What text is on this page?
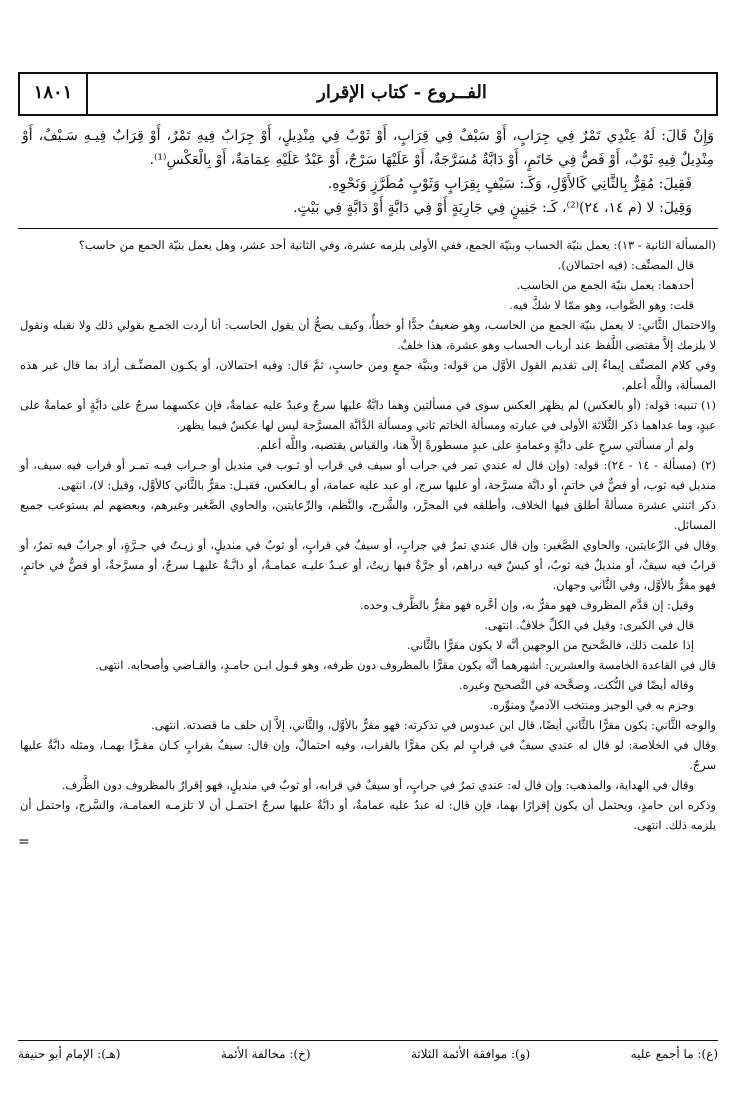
الفــروع - كتاب الإقرار
١٨٠١

وَإِنْ قَالَ: لَهُ عِنْدِي تَمْرٌ فِي جِرَابٍ، أَوْ سَيْفٌ فِي قِرَابٍ، أَوْ ثَوْبٌ فِي مِنْدِيلٍ، أَوْ جِرَابٌ فِيهِ تَمْرٌ، أَوْ قِرَابٌ فِيـهِ سَـيْفٌ، أَوْ مِنْدِيلٌ فِيهِ ثَوْبٌ، أَوْ فَصٌّ فِي خَاتَمٍ، أَوْ دَابَّةٌ مُسَرَّجَةٌ، أَوْ عَلَيْهَا سَرْجٌ، أَوْ عَبْدٌ عَلَيْهِ عِمَامَةٌ، أَوْ بِالْعَكْسِ⁽¹⁾.

فَقِيلَ: مُقِرٌّ بِالثَّانِي كَالأَوَّلِ، وَكَـ: سَيْفٍ بِقِرَابٍ وَثَوْبٍ مُطَرَّزٍ وَنَحْوِهِ.

وَقِيلَ: لا (م ١٤، ٢٤)⁽²⁾، كَـ: جَنِينٍ فِي جَارِيَةٍ أَوْ فِي دَابَّةٍ أَوْ دَابَّةٍ فِي بَيْتٍ.

(المسألة الثانية - ١٣): يعمل بنيّة الحساب وبنيّة الجمع، ففي الأولى يلزمه عشرة، وفي الثانية أحد عشر، وهل يعمل بنيّة الجمع من حاسب؟

قال المصنِّف: (فيه احتمالان).

أحدهما: يعمل بنيّة الجمع من الحاسب.

قلت: وهو الصَّواب، وهو ممّا لا شكَّ فيه.

والاحتمال الثَّاني: لا يعمل بنيّة الجمع من الحاسب، وهو ضعيفٌ جدًّا أو خطأٌ، وكيف يصحُّ أن يقول الحاسب: أنا أردت الجمـع بقولي ذلك ولا نقبله ونقول لا يلزمك إلاَّ مقتضى اللَّفظ عند أرباب الحساب وهو عشرة، هذا خلفٌ.

وفي كلام المصنِّف إيماءٌ إلى تقديم القول الأوَّل من قوله: وبنيَّة جمعٍ ومن حاسبٍ، ثمَّ قال: وفيه احتمالان، أو يكـون المصنِّـف أراد بما قال غير هذه المسألة، واللَّه أعلم.

(١) تنبيه: قوله: (أو بالعكس) لم يظهر العكس سوى في مسألتين وهما دابَّةٌ عليها سرجٌ وعبدٌ عليه عمامةٌ، فإن عكسهما سرجٌ على دابَّةٍ أو عمامةٌ على عبدٍ، وما عداهما ذكر الثَّلاثة الأولى في عبارته ومسألة الخاتم ثاني ومسألة الدَّابَّة المسرَّجة ليس لها عكسٌ فيما يظهر.

ولم أر مسألتي سرجٍ على دابَّةٍ وعمامةٍ على عبدٍ مسطورةً إلاَّ هنا، والقياس يقتضيه، واللَّه أعلم.

(٢) (مسألة - ١٤ - ٢٤): قوله: (وإن قال له عندي تمر في جراب أو سيف في قراب أو ثـوب في منديل أو جـراب فيـه تمـر أو قراب فيه سيف، أو منديل فيه ثوب، أو فصٌّ في خاتمٍ، أو دابَّة مسرَّجة، أو عليها سرج، أو عبد عليه عمامة، أو بـالعكس، فقيـل: مقرٌّ بالثَّاني كالأوَّل، وقيل: لا)، انتهى.

ذكر اثنتي عشرة مسألةً أطلق فيها الخلاف، وأطلقه في المحرَّر، والشَّرح، والنَّظم، والرِّعايتين، والحاوي الصَّغير وغيرهم، وبعضهم لم يستوعب جميع المسائل.

وقال في الرِّعايتين، والحاوي الصَّغير: وإن قال عندي تمرٌ في جرابٍ، أو سيفٌ في قرابٍ، أو ثوبٌ في منديلٍ، أو زيـتٌ في جـرَّةٍ، أو جرابٌ فيه تمرٌ، أو قرابٌ فيه سيفٌ، أو منديلٌ فيه ثوبٌ، أو كيسٌ فيه دراهم، أو جرَّةٌ فيها زيتٌ، أو عبـدٌ عليـه عمامـةٌ، أو دابَّـةٌ عليهـا سرجٌ، أو مسرَّجةٌ، أو فصٌّ في خاتمٍ، فهو مقرٌّ بالأوَّل، وفي الثَّاني وجهان.

وقيل: إن قدَّم المظروف فهو مقرٌّ به، وإن أخَّره فهو مقرٌّ بالظَّرف وحده.

قال في الكبرى: وقيل في الكلِّ خلافٌ. انتهى.

إذا علمت ذلك، فالصَّحيح من الوجهين أنَّه لا يكون مقرًّا بالثَّاني.

قال في القاعدة الخامسة والعشرين: أشهرهما أنَّه يكون مقرًّا بالمظروف دون ظرفه، وهو قـول ابـن حامـدٍ، والقـاضي وأصحابه. انتهى.

وقاله أيضًا في النُّكت، وصحَّحه في التَّصحيح وغيره.

وجزم به في الوجيز ومنتخب الآدميِّ ومنوِّره.

والوجه الثَّاني: يكون مقرًّا بالثَّاني أيضًا، قال ابن عبدوس في تذكرته: فهو مقرٌّ بالأوَّل، والثَّاني، إلاَّ إن حلف ما قصدته. انتهى.

وقال في الخلاصة: لو قال له عندي سيفٌ في قرابٍ لم يكن مقرًّا بالقراب، وفيه احتمالٌ، وإن قال: سيفٌ بقرابٍ كـان مقـرًّا بهمـا، ومثله دابَّةٌ عليها سرجٌ.

وقال في الهداية، والمذهب: وإن قال له: عندي تمرٌ في جرابٍ، أو سيفٌ في قرابه، أو ثوبٌ في منديلٍ، فهو إقرارٌ بالمظروف دون الظَّرف.

وذكره ابن حامدٍ، ويحتمل أن يكون إقرارًا بهما، فإن قال: له عبدٌ عليه عمامةٌ، أو دابَّةٌ عليها سرجٌ احتمـل أن لا تلزمـه العمامـة، والسَّرج، واحتمل أن يلزمه ذلك. انتهى.

=
(ع): ما أجمع عليه
(و): موافقة الأئمة الثلاثة
(خ): مخالفة الأئمة
(هـ): الإمام أبو حنيفة
